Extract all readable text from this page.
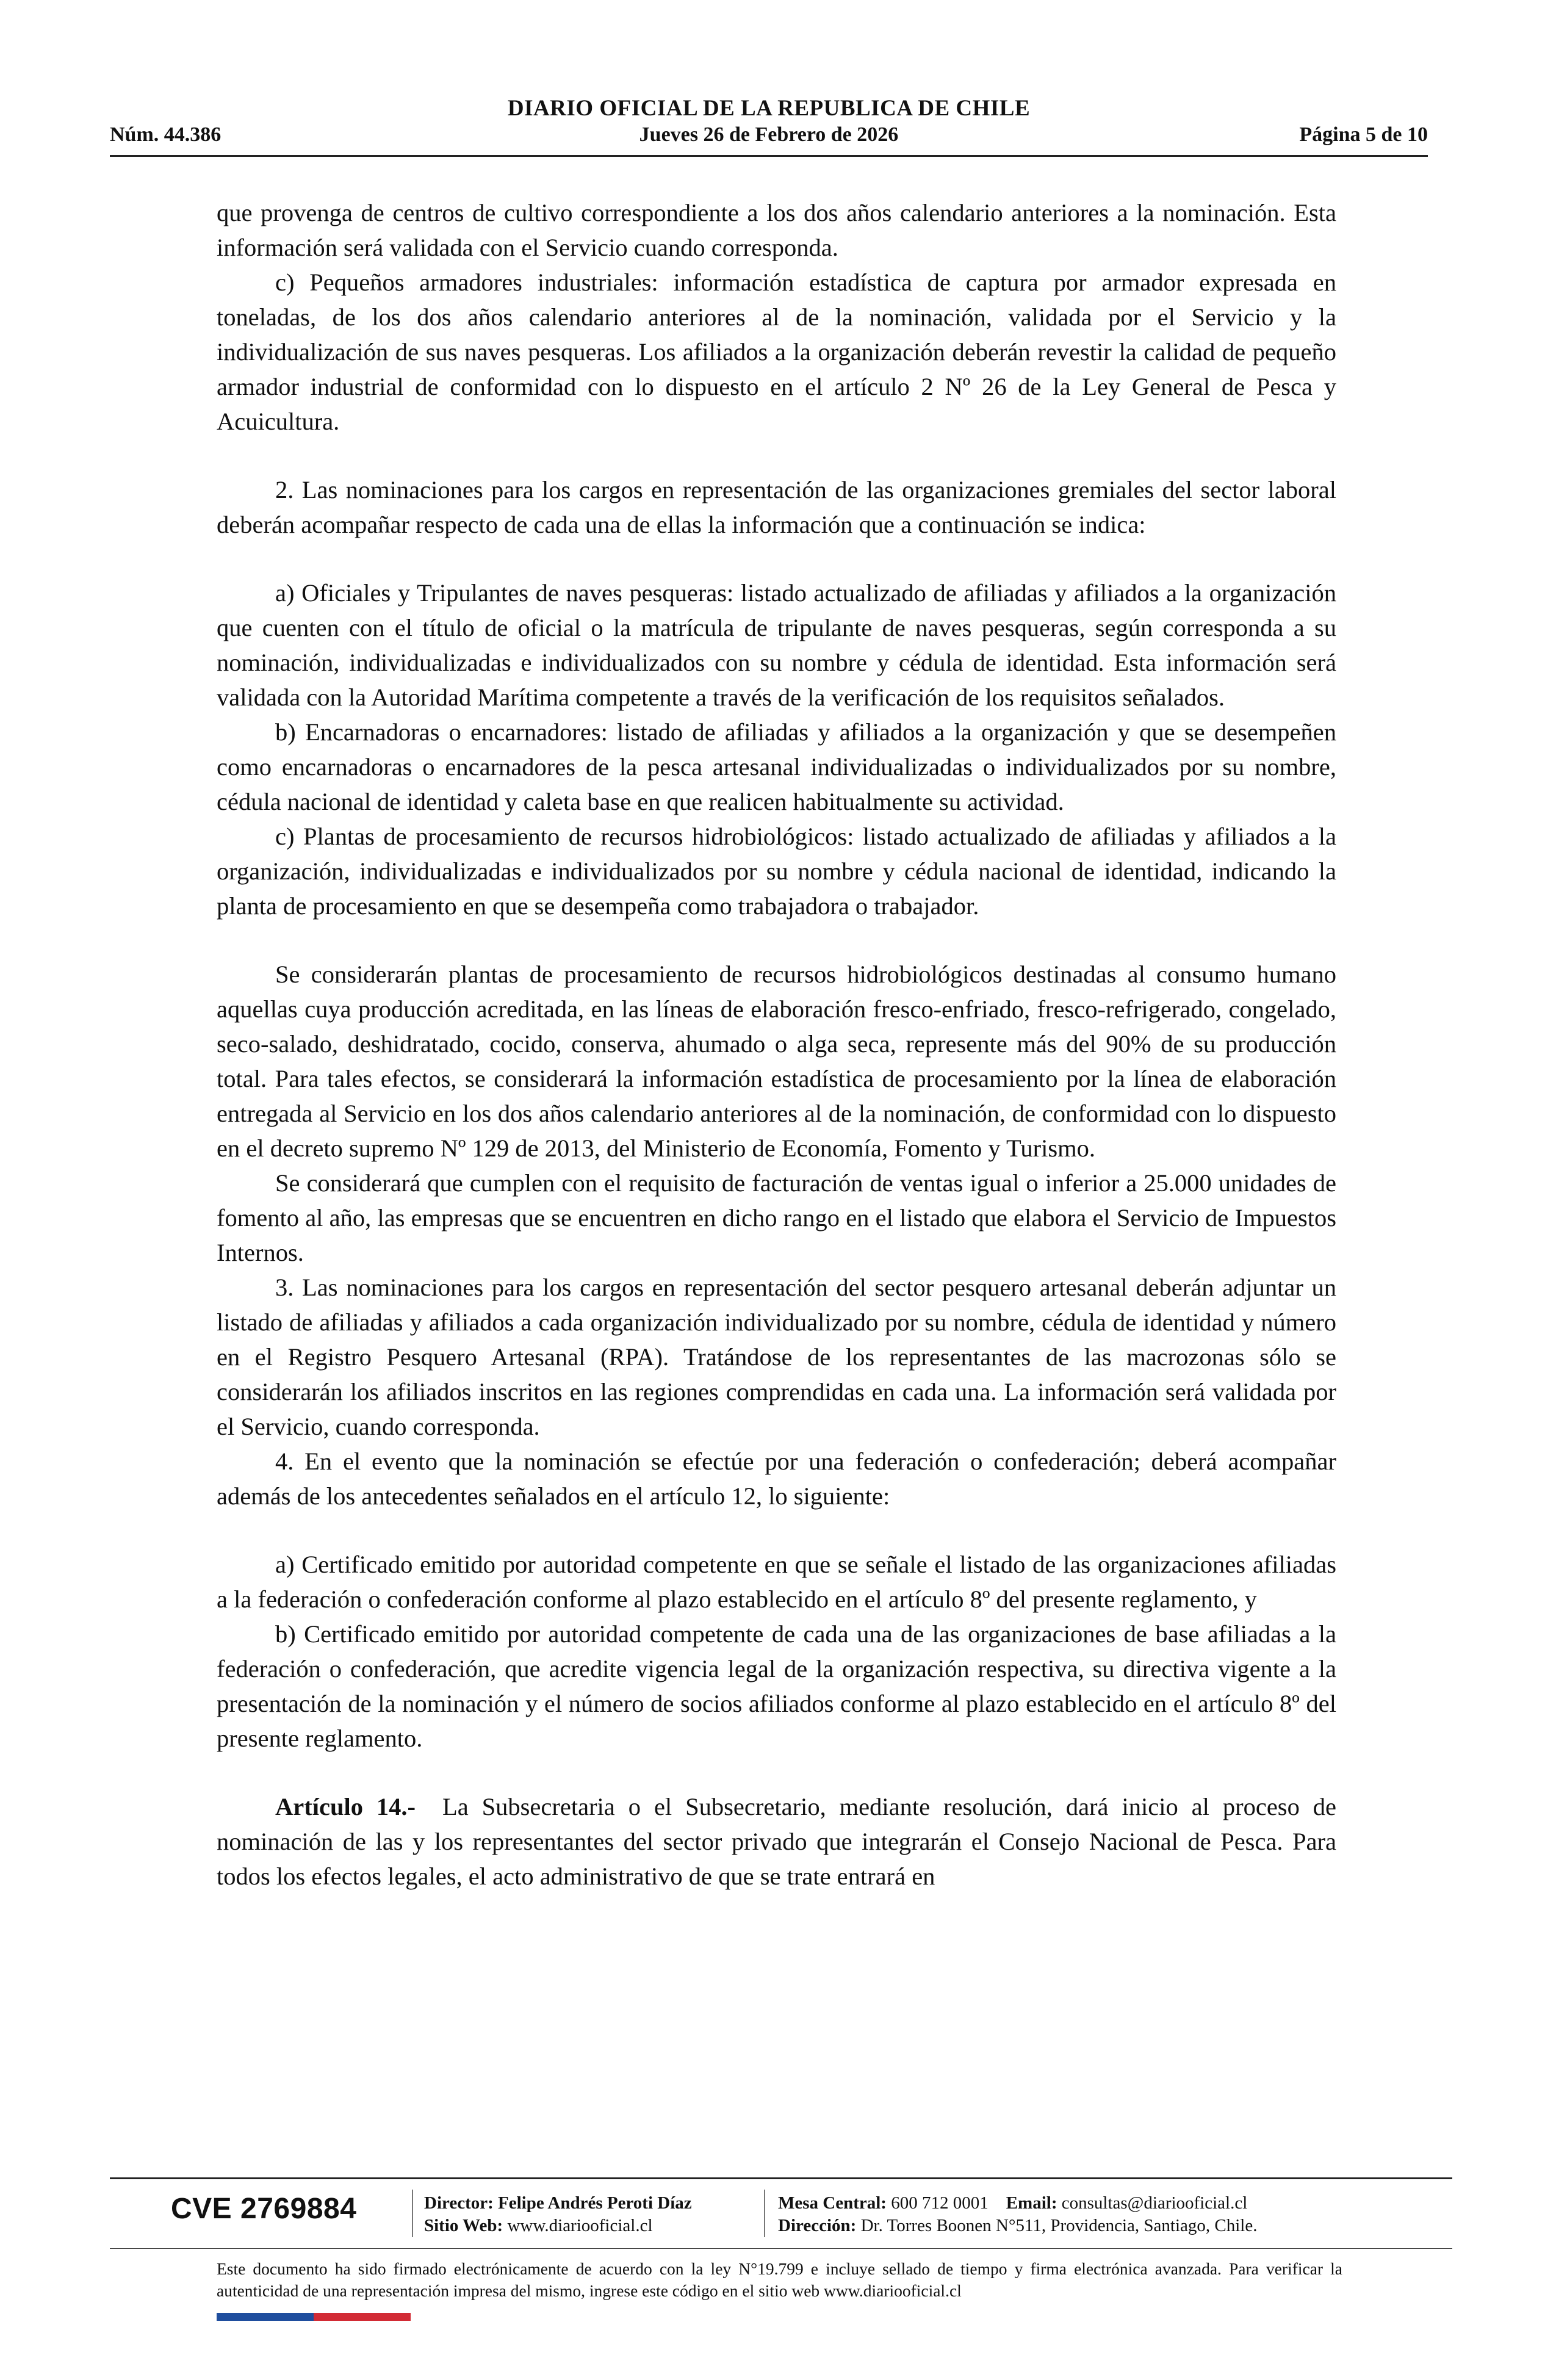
DIARIO OFICIAL DE LA REPUBLICA DE CHILE
Núm. 44.386	Jueves 26 de Febrero de 2026	Página 5 de 10

que provenga de centros de cultivo correspondiente a los dos años calendario anteriores a la nominación. Esta información será validada con el Servicio cuando corresponda.

c) Pequeños armadores industriales: información estadística de captura por armador expresada en toneladas, de los dos años calendario anteriores al de la nominación, validada por el Servicio y la individualización de sus naves pesqueras. Los afiliados a la organización deberán revestir la calidad de pequeño armador industrial de conformidad con lo dispuesto en el artículo 2 Nº 26 de la Ley General de Pesca y Acuicultura.

2. Las nominaciones para los cargos en representación de las organizaciones gremiales del sector laboral deberán acompañar respecto de cada una de ellas la información que a continuación se indica:

a) Oficiales y Tripulantes de naves pesqueras: listado actualizado de afiliadas y afiliados a la organización que cuenten con el título de oficial o la matrícula de tripulante de naves pesqueras, según corresponda a su nominación, individualizadas e individualizados con su nombre y cédula de identidad. Esta información será validada con la Autoridad Marítima competente a través de la verificación de los requisitos señalados.

b) Encarnadoras o encarnadores: listado de afiliadas y afiliados a la organización y que se desempeñen como encarnadoras o encarnadores de la pesca artesanal individualizadas o individualizados por su nombre, cédula nacional de identidad y caleta base en que realicen habitualmente su actividad.

c) Plantas de procesamiento de recursos hidrobiológicos: listado actualizado de afiliadas y afiliados a la organización, individualizadas e individualizados por su nombre y cédula nacional de identidad, indicando la planta de procesamiento en que se desempeña como trabajadora o trabajador.

Se considerarán plantas de procesamiento de recursos hidrobiológicos destinadas al consumo humano aquellas cuya producción acreditada, en las líneas de elaboración fresco-enfriado, fresco-refrigerado, congelado, seco-salado, deshidratado, cocido, conserva, ahumado o alga seca, represente más del 90% de su producción total. Para tales efectos, se considerará la información estadística de procesamiento por la línea de elaboración entregada al Servicio en los dos años calendario anteriores al de la nominación, de conformidad con lo dispuesto en el decreto supremo Nº 129 de 2013, del Ministerio de Economía, Fomento y Turismo.

Se considerará que cumplen con el requisito de facturación de ventas igual o inferior a 25.000 unidades de fomento al año, las empresas que se encuentren en dicho rango en el listado que elabora el Servicio de Impuestos Internos.

3. Las nominaciones para los cargos en representación del sector pesquero artesanal deberán adjuntar un listado de afiliadas y afiliados a cada organización individualizado por su nombre, cédula de identidad y número en el Registro Pesquero Artesanal (RPA). Tratándose de los representantes de las macrozonas sólo se considerarán los afiliados inscritos en las regiones comprendidas en cada una. La información será validada por el Servicio, cuando corresponda.

4. En el evento que la nominación se efectúe por una federación o confederación; deberá acompañar además de los antecedentes señalados en el artículo 12, lo siguiente:

a) Certificado emitido por autoridad competente en que se señale el listado de las organizaciones afiliadas a la federación o confederación conforme al plazo establecido en el artículo 8º del presente reglamento, y

b) Certificado emitido por autoridad competente de cada una de las organizaciones de base afiliadas a la federación o confederación, que acredite vigencia legal de la organización respectiva, su directiva vigente a la presentación de la nominación y el número de socios afiliados conforme al plazo establecido en el artículo 8º del presente reglamento.

Artículo 14.- La Subsecretaria o el Subsecretario, mediante resolución, dará inicio al proceso de nominación de las y los representantes del sector privado que integrarán el Consejo Nacional de Pesca. Para todos los efectos legales, el acto administrativo de que se trate entrará en

CVE 2769884	Director: Felipe Andrés Peroti Díaz
Sitio Web: www.diariooficial.cl
Mesa Central: 600 712 0001 Email: consultas@diariooficial.cl
Dirección: Dr. Torres Boonen N°511, Providencia, Santiago, Chile.
Este documento ha sido firmado electrónicamente de acuerdo con la ley N°19.799 e incluye sellado de tiempo y firma electrónica avanzada. Para verificar la autenticidad de una representación impresa del mismo, ingrese este código en el sitio web www.diariooficial.cl
